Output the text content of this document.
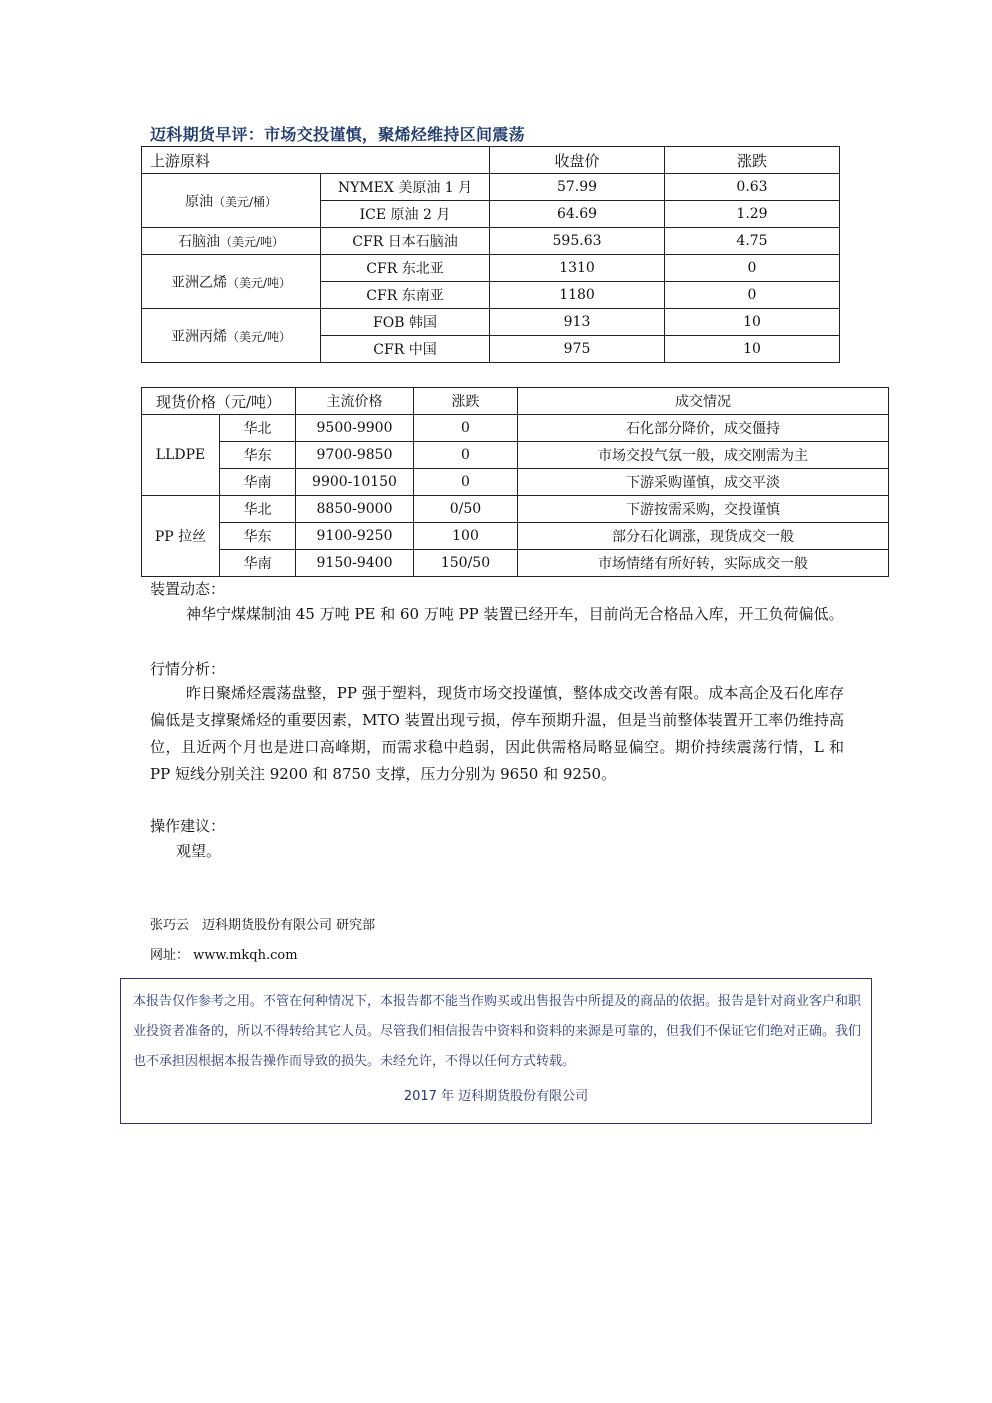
迈科期货早评：市场交投谨慎，聚烯烃维持区间震荡
上游原料		收盘价	涨跌
原油（美元/桶）	NYMEX 美原油 1 月	57.99	0.63
	ICE 原油 2 月	64.69	1.29
石脑油（美元/吨）	CFR 日本石脑油	595.63	4.75
亚洲乙烯（美元/吨）	CFR 东北亚	1310	0
	CFR 东南亚	1180	0
亚洲丙烯（美元/吨）	FOB 韩国	913	10
	CFR 中国	975	10
现货价格（元/吨）		主流价格	涨跌	成交情况
LLDPE	华北	9500-9900	0	石化部分降价，成交僵持
	华东	9700-9850	0	市场交投气氛一般，成交刚需为主
	华南	9900-10150	0	下游采购谨慎，成交平淡
PP 拉丝	华北	8850-9000	0/50	下游按需采购，交投谨慎
	华东	9100-9250	100	部分石化调涨，现货成交一般
	华南	9150-9400	150/50	市场情绪有所好转，实际成交一般
装置动态：
神华宁煤煤制油 45 万吨 PE 和 60 万吨 PP 装置已经开车，目前尚无合格品入库，开工负荷偏低。
行情分析：
昨日聚烯烃震荡盘整，PP 强于塑料，现货市场交投谨慎，整体成交改善有限。成本高企及石化库存偏低是支撑聚烯烃的重要因素，MTO 装置出现亏损，停车预期升温，但是当前整体装置开工率仍维持高位，且近两个月也是进口高峰期，而需求稳中趋弱，因此供需格局略显偏空。期价持续震荡行情，L 和 PP 短线分别关注 9200 和 8750 支撑，压力分别为 9650 和 9250。
操作建议：
观望。
张巧云　迈科期货股份有限公司 研究部
网址： www.mkqh.com
本报告仅作参考之用。不管在何种情况下，本报告都不能当作购买或出售报告中所提及的商品的依据。报告是针对商业客户和职业投资者准备的，所以不得转给其它人员。尽管我们相信报告中资料和资料的来源是可靠的，但我们不保证它们绝对正确。我们也不承担因根据本报告操作而导致的损失。未经允许，不得以任何方式转载。
2017 年 迈科期货股份有限公司
